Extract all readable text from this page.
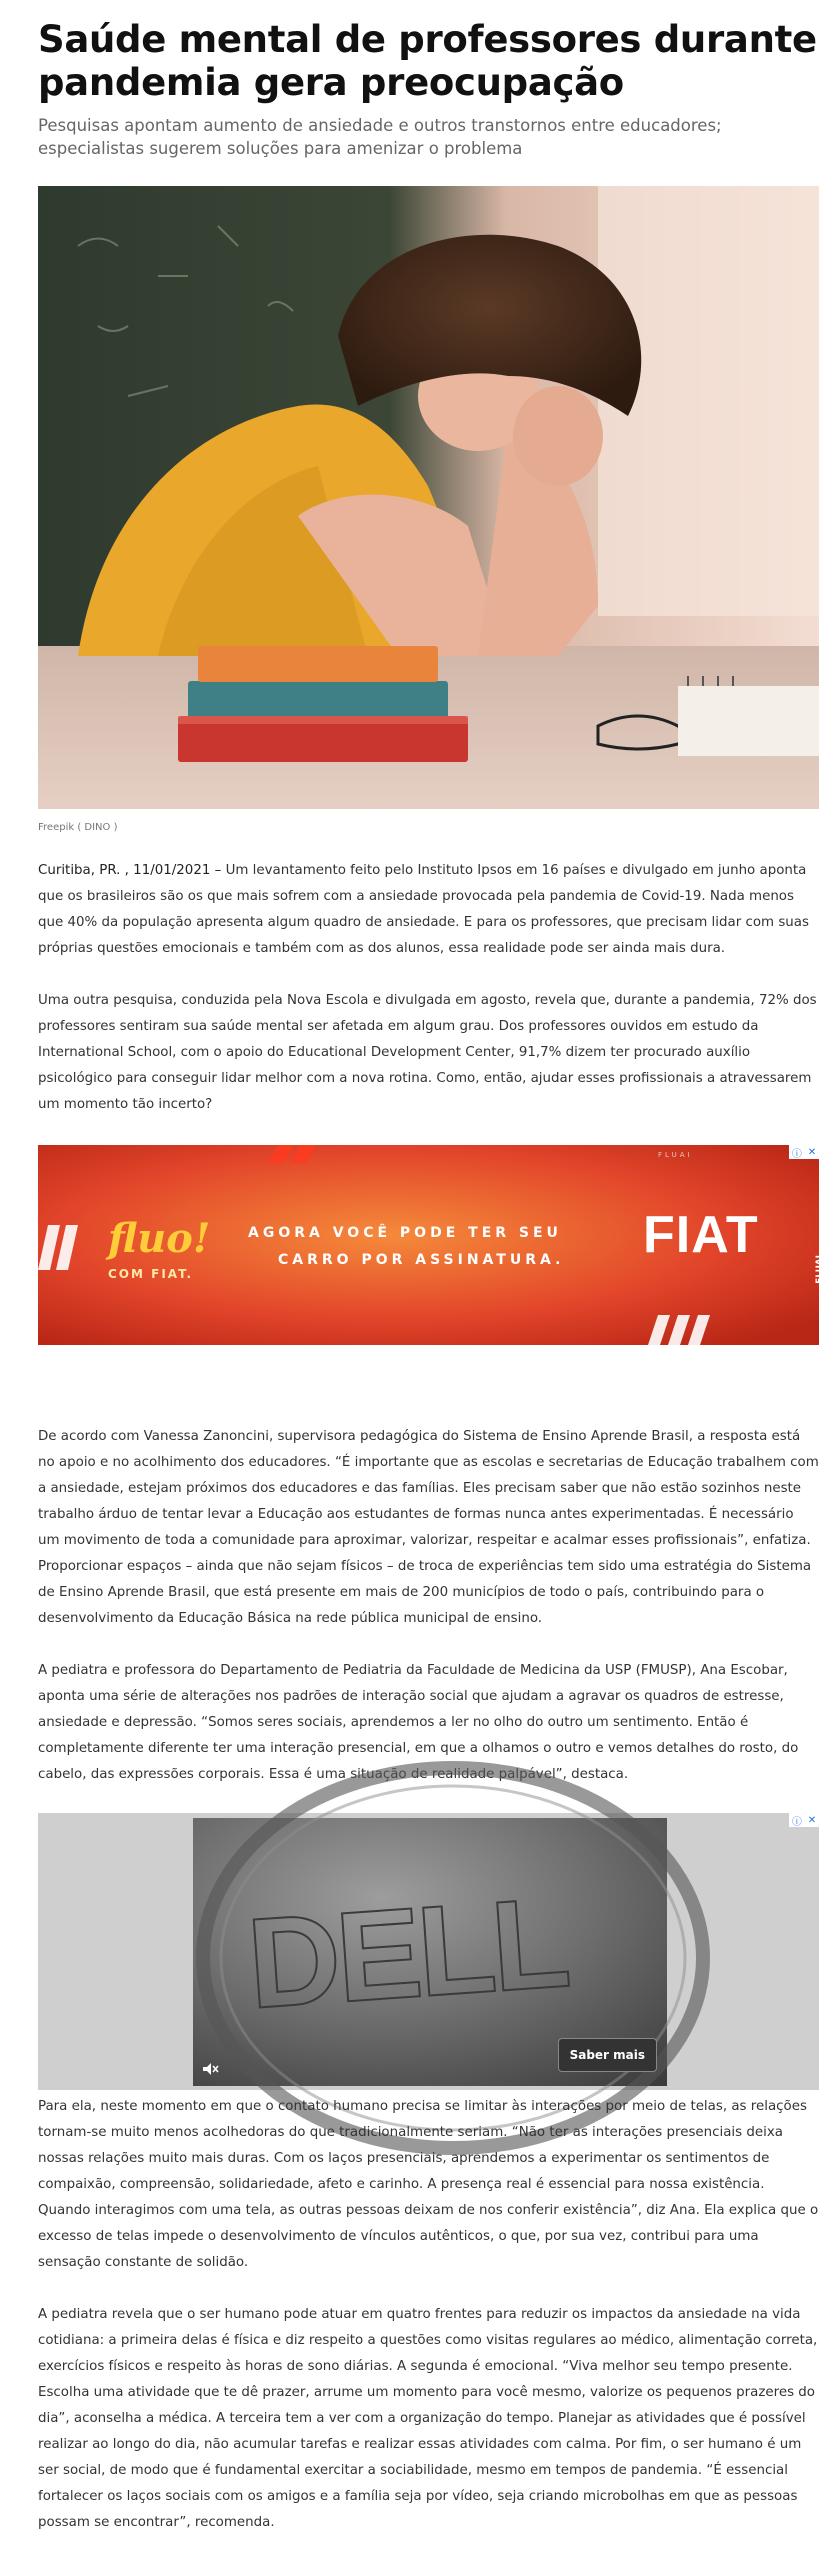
Saúde mental de professores durante pandemia gera preocupação

Pesquisas apontam aumento de ansiedade e outros transtornos entre educadores; especialistas sugerem soluções para amenizar o problema

Freepik ( DINO )

Curitiba, PR. , 11/01/2021 – Um levantamento feito pelo Instituto Ipsos em 16 países e divulgado em junho aponta que os brasileiros são os que mais sofrem com a ansiedade provocada pela pandemia de Covid-19. Nada menos que 40% da população apresenta algum quadro de ansiedade. E para os professores, que precisam lidar com suas próprias questões emocionais e também com as dos alunos, essa realidade pode ser ainda mais dura.

Uma outra pesquisa, conduzida pela Nova Escola e divulgada em agosto, revela que, durante a pandemia, 72% dos professores sentiram sua saúde mental ser afetada em algum grau. Dos professores ouvidos em estudo da International School, com o apoio do Educational Development Center, 91,7% dizem ter procurado auxílio psicológico para conseguir lidar melhor com a nova rotina. Como, então, ajudar esses profissionais a atravessarem um momento tão incerto?

fluo!
COM FIAT.
AGORA VOCÊ PODE TER SEU
CARRO POR ASSINATURA. FIAT
FLUAI
FLUAI	ⓘ ✕

De acordo com Vanessa Zanoncini, supervisora pedagógica do Sistema de Ensino Aprende Brasil, a resposta está no apoio e no acolhimento dos educadores. “É importante que as escolas e secretarias de Educação trabalhem com a ansiedade, estejam próximos dos educadores e das famílias. Eles precisam saber que não estão sozinhos neste trabalho árduo de tentar levar a Educação aos estudantes de formas nunca antes experimentadas. É necessário um movimento de toda a comunidade para aproximar, valorizar, respeitar e acalmar esses profissionais”, enfatiza. Proporcionar espaços – ainda que não sejam físicos – de troca de experiências tem sido uma estratégia do Sistema de Ensino Aprende Brasil, que está presente em mais de 200 municípios de todo o país, contribuindo para o desenvolvimento da Educação Básica na rede pública municipal de ensino.

A pediatra e professora do Departamento de Pediatria da Faculdade de Medicina da USP (FMUSP), Ana Escobar, aponta uma série de alterações nos padrões de interação social que ajudam a agravar os quadros de estresse, ansiedade e depressão. “Somos seres sociais, aprendemos a ler no olho do outro um sentimento. Então é completamente diferente ter uma interação presencial, em que a olhamos o outro e vemos detalhes do rosto, do cabelo, das expressões corporais. Essa é uma situação de realidade palpável”, destaca.

DELL
Saber mais
ⓘ ✕

Para ela, neste momento em que o contato humano precisa se limitar às interações por meio de telas, as relações tornam-se muito menos acolhedoras do que tradicionalmente seriam. “Não ter as interações presenciais deixa nossas relações muito mais duras. Com os laços presenciais, aprendemos a experimentar os sentimentos de compaixão, compreensão, solidariedade, afeto e carinho. A presença real é essencial para nossa existência. Quando interagimos com uma tela, as outras pessoas deixam de nos conferir existência”, diz Ana. Ela explica que o excesso de telas impede o desenvolvimento de vínculos autênticos, o que, por sua vez, contribui para uma sensação constante de solidão.

A pediatra revela que o ser humano pode atuar em quatro frentes para reduzir os impactos da ansiedade na vida cotidiana: a primeira delas é física e diz respeito a questões como visitas regulares ao médico, alimentação correta, exercícios físicos e respeito às horas de sono diárias. A segunda é emocional. “Viva melhor seu tempo presente. Escolha uma atividade que te dê prazer, arrume um momento para você mesmo, valorize os pequenos prazeres do dia”, aconselha a médica. A terceira tem a ver com a organização do tempo. Planejar as atividades que é possível realizar ao longo do dia, não acumular tarefas e realizar essas atividades com calma. Por fim, o ser humano é um ser social, de modo que é fundamental exercitar a sociabilidade, mesmo em tempos de pandemia. “É essencial fortalecer os laços sociais com os amigos e a família seja por vídeo, seja criando microbolhas em que as pessoas possam se encontrar”, recomenda.
